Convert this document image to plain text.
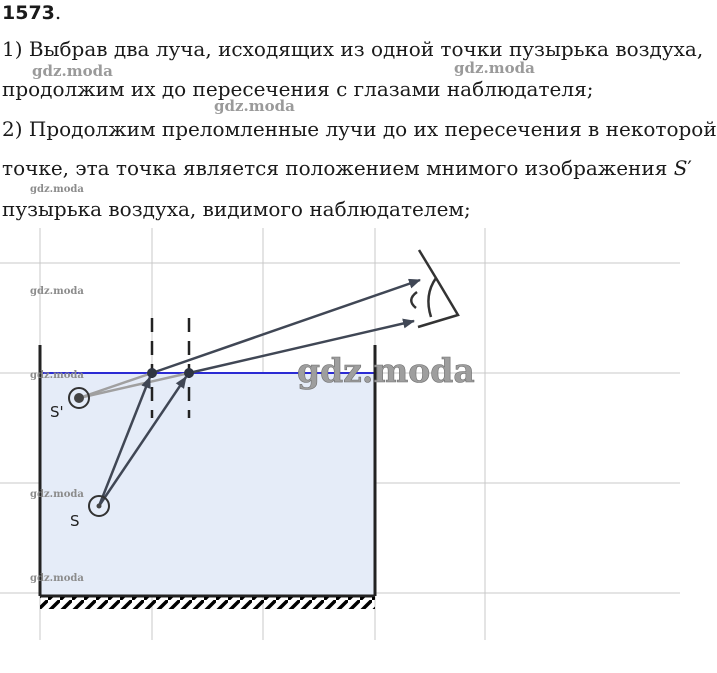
1573.
1) Выбрав два луча, исходящих из одной точки пузырька воздуха,
продолжим их до пересечения с глазами наблюдателя;
2) Продолжим преломленные лучи до их пересечения в некоторой
точке, эта точка является положением мнимого изображения S′
пузырька воздуха, видимого наблюдателем;
gdz.moda	gdz.moda
gdz.moda
gdz.moda
S'
S
gdz.moda
gdz.moda
gdz.moda
gdz.moda
gdz.moda
